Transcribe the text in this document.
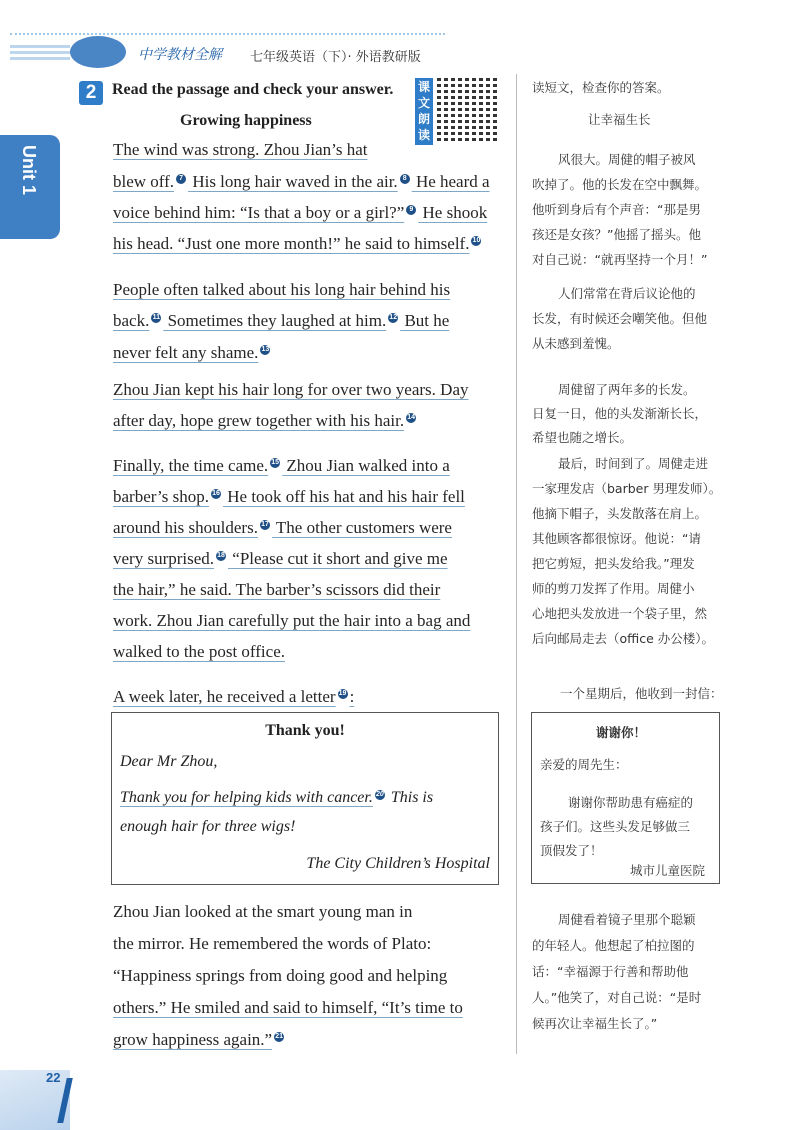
中学教材全解 七年级英语（下）· 外语教研版
Unit 1
2 Read the passage and check your answer.
Growing happiness
课文朗读
The wind was strong. Zhou Jian’s hat
blew off. 7 His long hair waved in the air. 8 He heard a
voice behind him: “Is that a boy or a girl?” 9 He shook
his head. “Just one more month!” he said to himself. 10
People often talked about his long hair behind his
back. 11 Sometimes they laughed at him. 12 But he
never felt any shame. 13
Zhou Jian kept his hair long for over two years. Day
after day, hope grew together with his hair. 14
Finally, the time came. 15 Zhou Jian walked into a
barber’s shop. 16 He took off his hat and his hair fell
around his shoulders. 17 The other customers were
very surprised. 18 “Please cut it short and give me
the hair,” he said. The barber’s scissors did their
work. Zhou Jian carefully put the hair into a bag and
walked to the post office.
A week later, he received a letter 19 :
Thank you!
Dear Mr Zhou,
Thank you for helping kids with cancer. 20 This is
enough hair for three wigs!
The City Children’s Hospital
Zhou Jian looked at the smart young man in
the mirror. He remembered the words of Plato:
“Happiness springs from doing good and helping
others.” He smiled and said to himself, “It’s time to
grow happiness again.” 21
读短文，检查你的答案。
让幸福生长
风很大。周健的帽子被风
吹掉了。他的长发在空中飘舞。
他听到身后有个声音：“那是男
孩还是女孩？”他摇了摇头。他
对自己说：“就再坚持一个月！”
人们常常在背后议论他的
长发，有时候还会嘲笑他。但他
从未感到羞愧。
周健留了两年多的长发。
日复一日，他的头发渐渐长长，
希望也随之增长。
最后，时间到了。周健走进
一家理发店（barber 男理发师）。
他摘下帽子，头发散落在肩上。
其他顾客都很惊讶。他说：“请
把它剪短，把头发给我。”理发
师的剪刀发挥了作用。周健小
心地把头发放进一个袋子里，然
后向邮局走去（office 办公楼）。
一个星期后，他收到一封信：
周健看着镜子里那个聪颖
的年轻人。他想起了柏拉图的
话：“幸福源于行善和帮助他
人。”他笑了，对自己说：“是时
候再次让幸福生长了。”
谢谢你！
亲爱的周先生：
谢谢你帮助患有癌症的
孩子们。这些头发足够做三
顶假发了！
城市儿童医院
22
